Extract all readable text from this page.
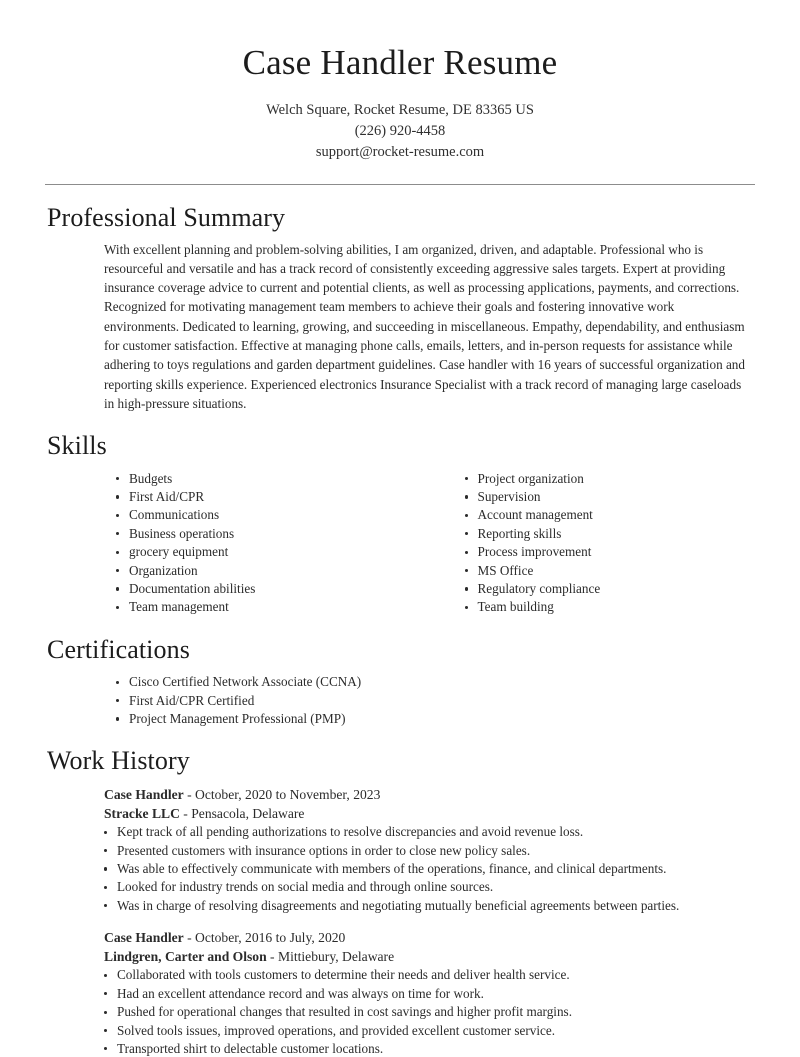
Case Handler Resume
Welch Square, Rocket Resume, DE 83365 US
(226) 920-4458
support@rocket-resume.com
Professional Summary

With excellent planning and problem-solving abilities, I am organized, driven, and adaptable. Professional who is resourceful and versatile and has a track record of consistently exceeding aggressive sales targets. Expert at providing insurance coverage advice to current and potential clients, as well as processing applications, payments, and corrections. Recognized for motivating management team members to achieve their goals and fostering innovative work environments. Dedicated to learning, growing, and succeeding in miscellaneous. Empathy, dependability, and enthusiasm for customer satisfaction. Effective at managing phone calls, emails, letters, and in-person requests for assistance while adhering to toys regulations and garden department guidelines. Case handler with 16 years of successful organization and reporting skills experience. Experienced electronics Insurance Specialist with a track record of managing large caseloads in high-pressure situations.

Skills
Budgets
First Aid/CPR
Communications
Business operations
grocery equipment
Organization
Documentation abilities
Team management
Project organization
Supervision
Account management
Reporting skills
Process improvement
MS Office
Regulatory compliance
Team building
Certifications
Cisco Certified Network Associate (CCNA)
First Aid/CPR Certified
Project Management Professional (PMP)
Work History
Case Handler - October, 2020 to November, 2023
Stracke LLC - Pensacola, Delaware
Kept track of all pending authorizations to resolve discrepancies and avoid revenue loss.
Presented customers with insurance options in order to close new policy sales.
Was able to effectively communicate with members of the operations, finance, and clinical departments.
Looked for industry trends on social media and through online sources.
Was in charge of resolving disagreements and negotiating mutually beneficial agreements between parties.
Case Handler - October, 2016 to July, 2020
Lindgren, Carter and Olson - Mittiebury, Delaware
Collaborated with tools customers to determine their needs and deliver health service.
Had an excellent attendance record and was always on time for work.
Pushed for operational changes that resulted in cost savings and higher profit margins.
Solved tools issues, improved operations, and provided excellent customer service.
Transported shirt to delectable customer locations.
